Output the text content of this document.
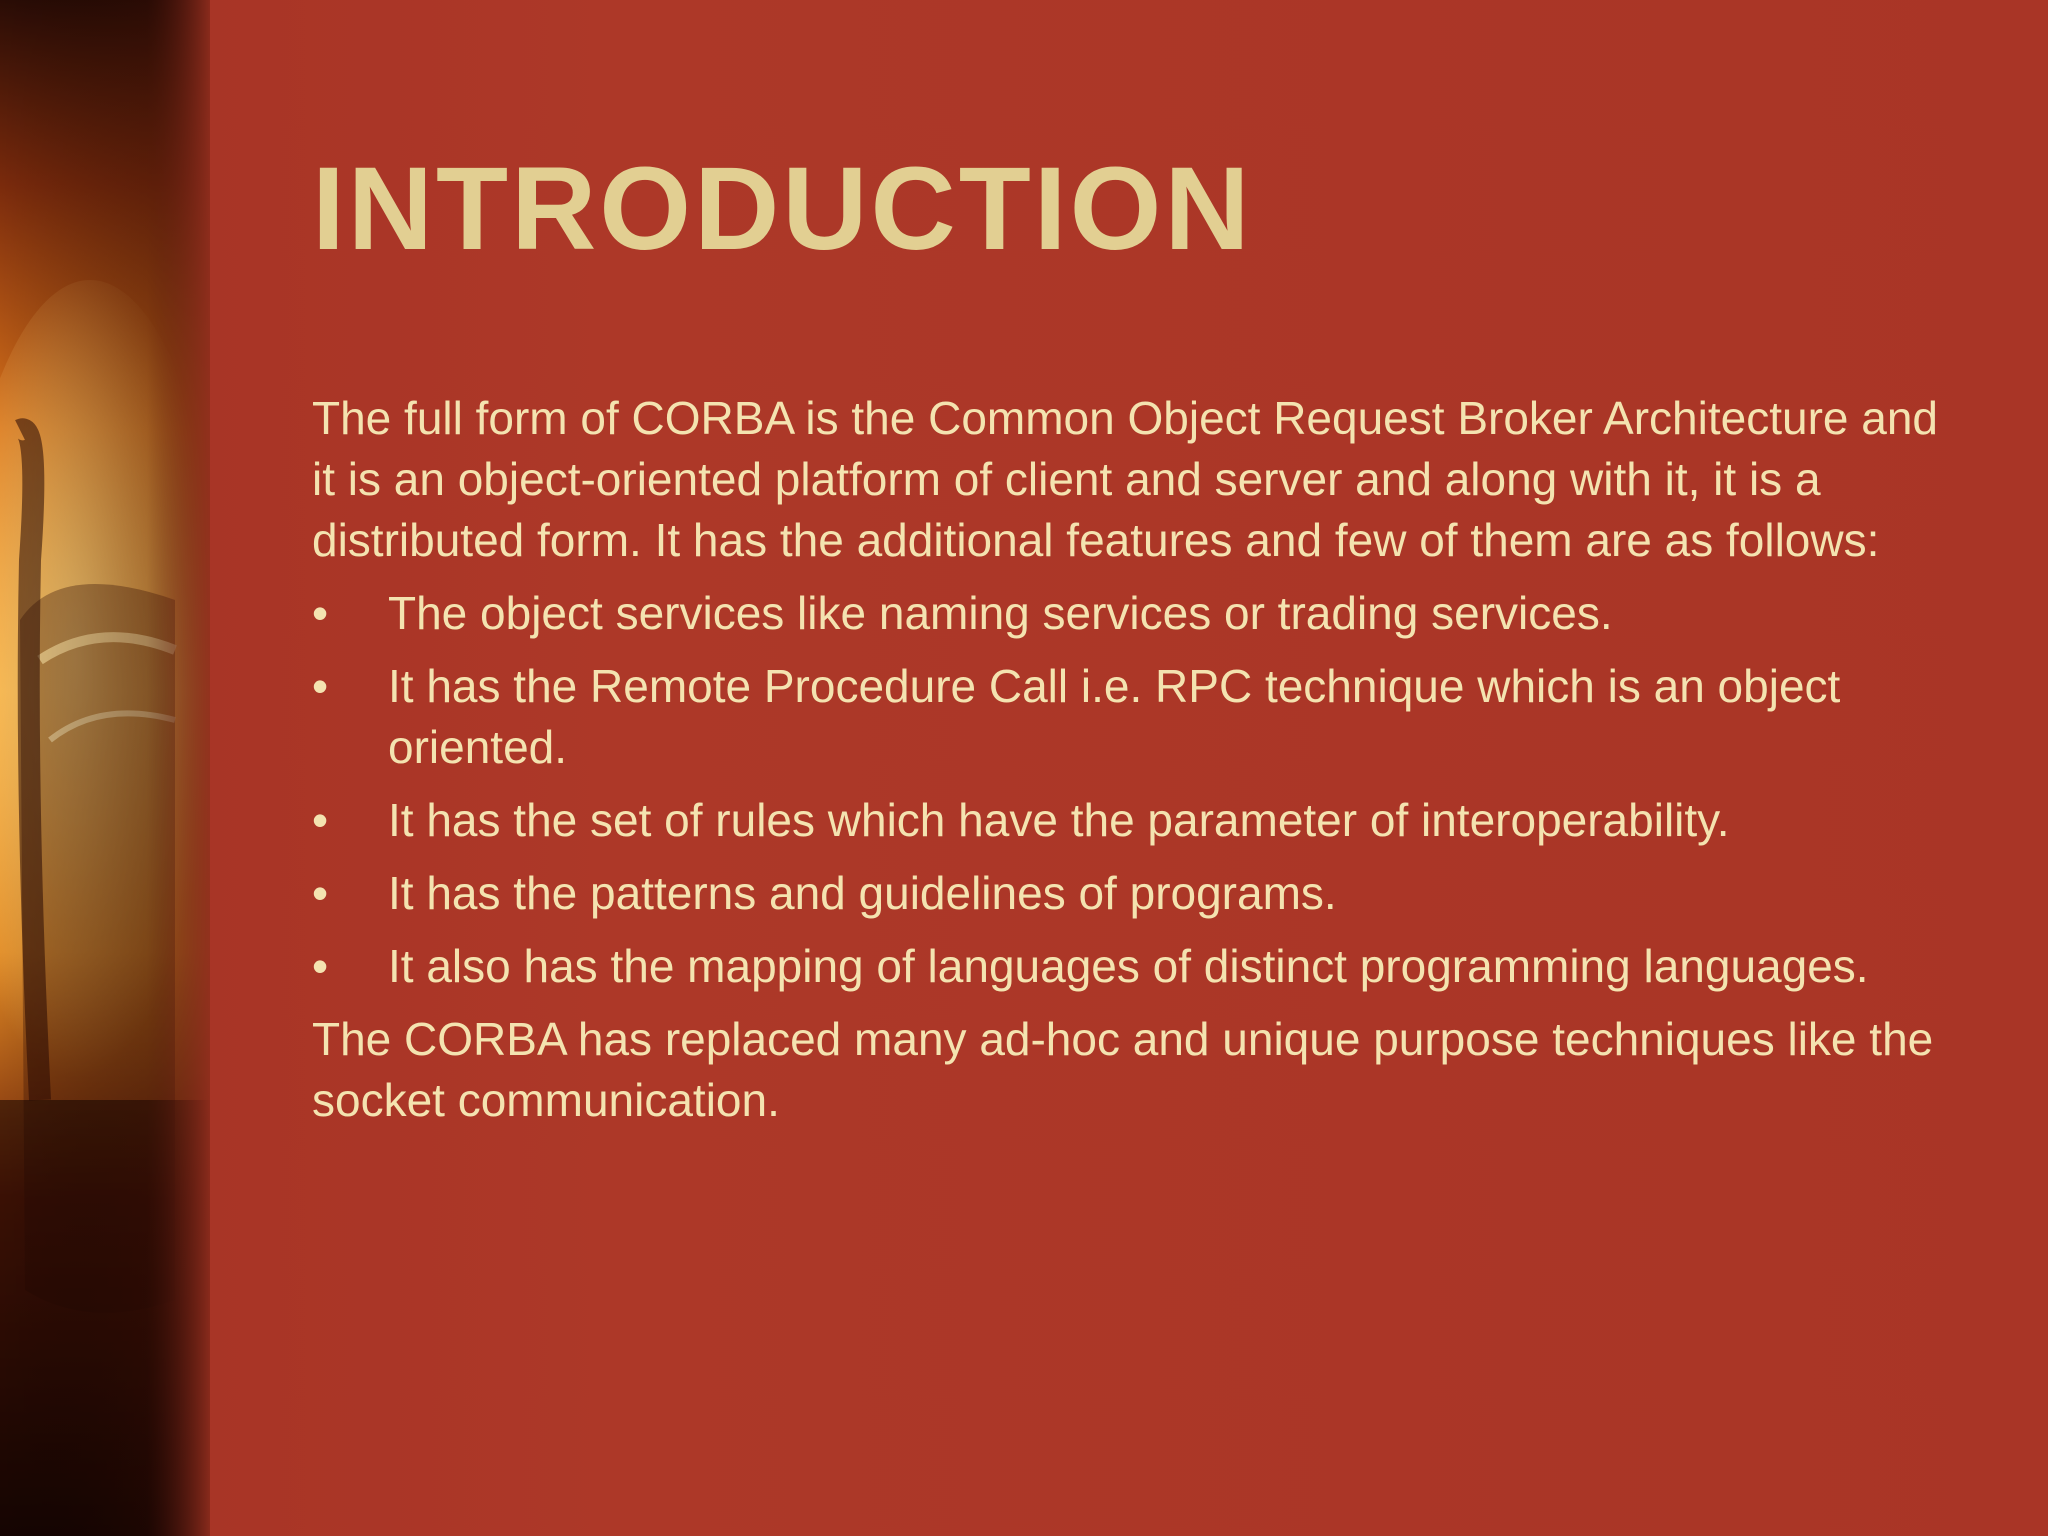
INTRODUCTION

The full form of CORBA is the Common Object Request Broker Architecture and it is an object-oriented platform of client and server and along with it, it is a distributed form. It has the additional features and few of them are as follows:

•	The object services like naming services or trading services.
•	It has the Remote Procedure Call i.e. RPC technique which is an object oriented.
•	It has the set of rules which have the parameter of interoperability.
•	It has the patterns and guidelines of programs.
•	It also has the mapping of languages of distinct programming languages.

The CORBA has replaced many ad-hoc and unique purpose techniques like the socket communication.
